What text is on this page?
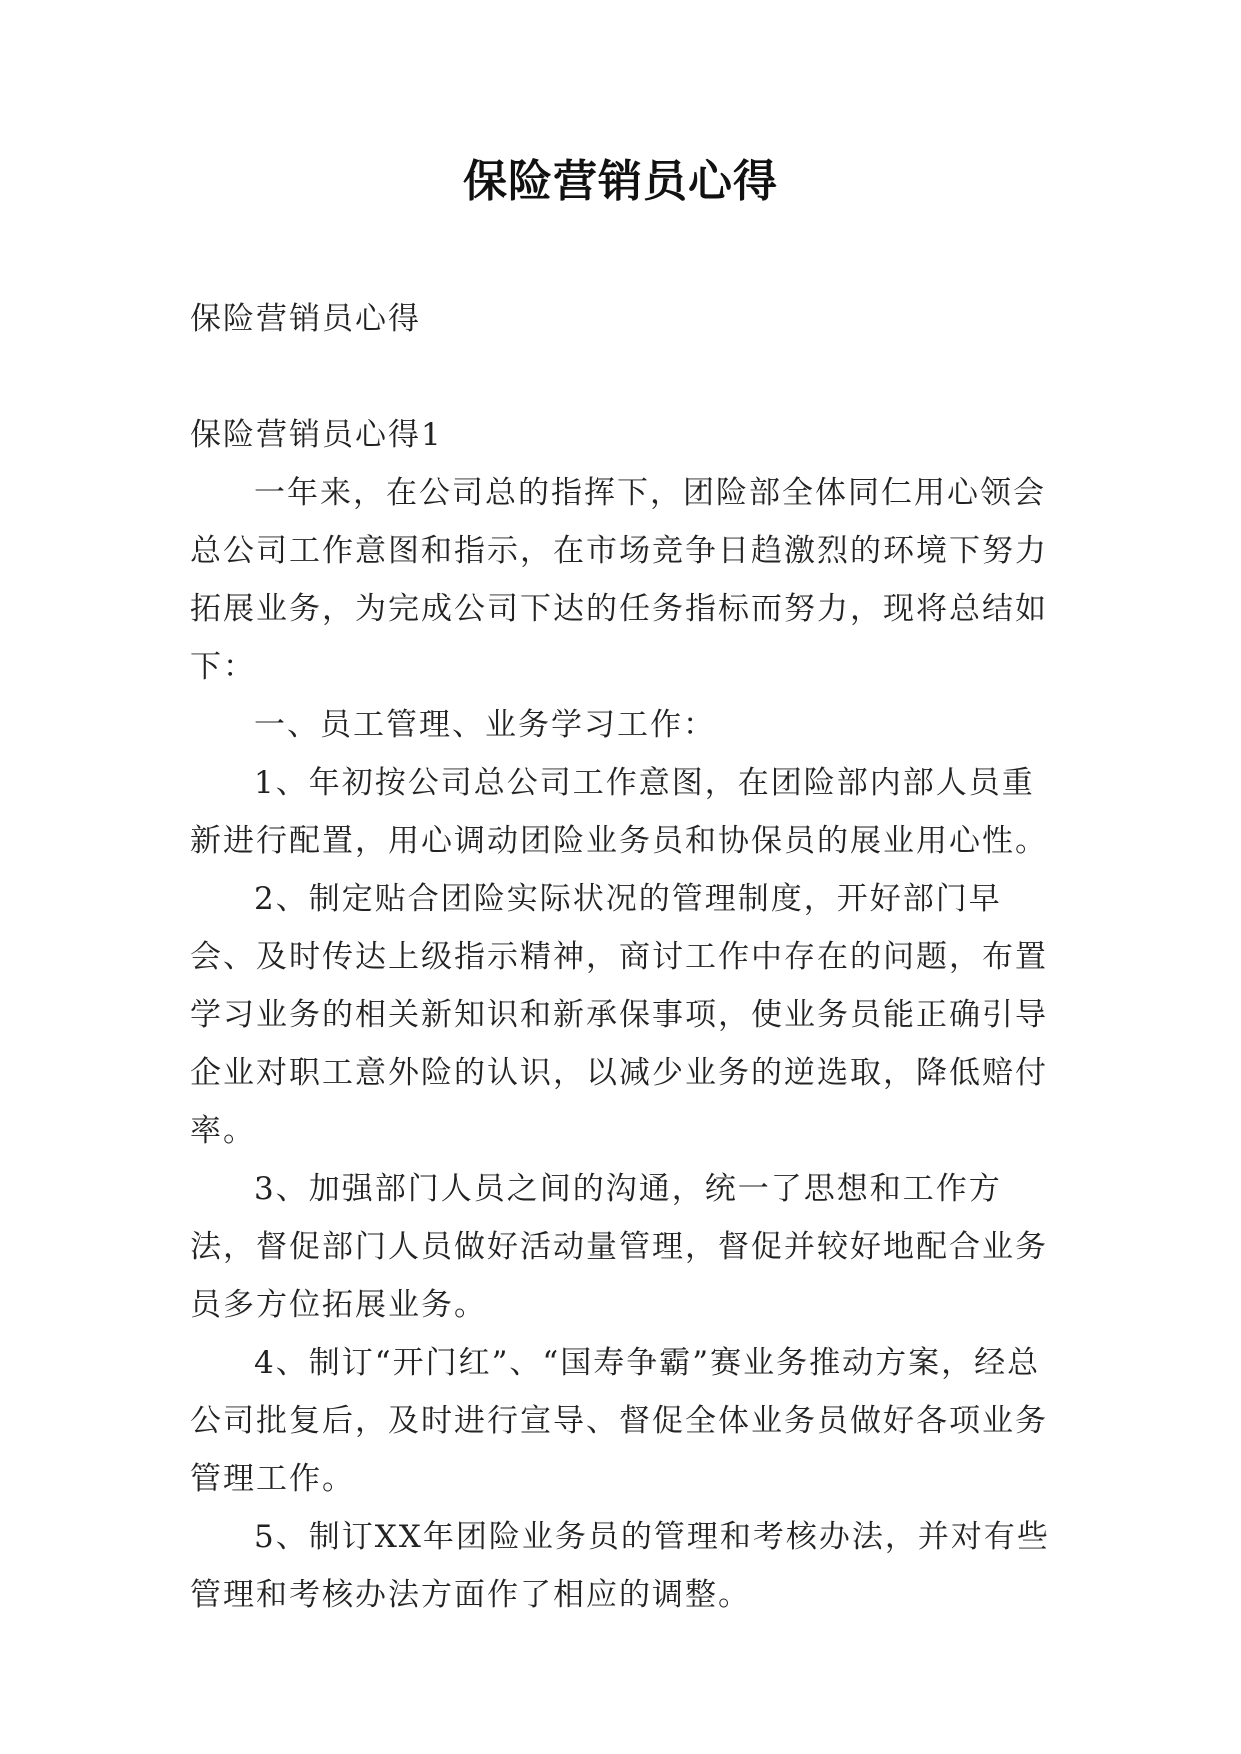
保险营销员心得

保险营销员心得

保险营销员心得1

一年来，在公司总的指挥下，团险部全体同仁用心领会总公司工作意图和指示，在市场竞争日趋激烈的环境下努力拓展业务，为完成公司下达的任务指标而努力，现将总结如下：

一、员工管理、业务学习工作：

1、年初按公司总公司工作意图，在团险部内部人员重新进行配置，用心调动团险业务员和协保员的展业用心性。

2、制定贴合团险实际状况的管理制度，开好部门早会、及时传达上级指示精神，商讨工作中存在的问题，布置学习业务的相关新知识和新承保事项，使业务员能正确引导企业对职工意外险的认识，以减少业务的逆选取，降低赔付率。

3、加强部门人员之间的沟通，统一了思想和工作方法，督促部门人员做好活动量管理，督促并较好地配合业务员多方位拓展业务。

4、制订“开门红”、“国寿争霸”赛业务推动方案，经总公司批复后，及时进行宣导、督促全体业务员做好各项业务管理工作。

5、制订XX年团险业务员的管理和考核办法，并对有些管理和考核办法方面作了相应的调整。
